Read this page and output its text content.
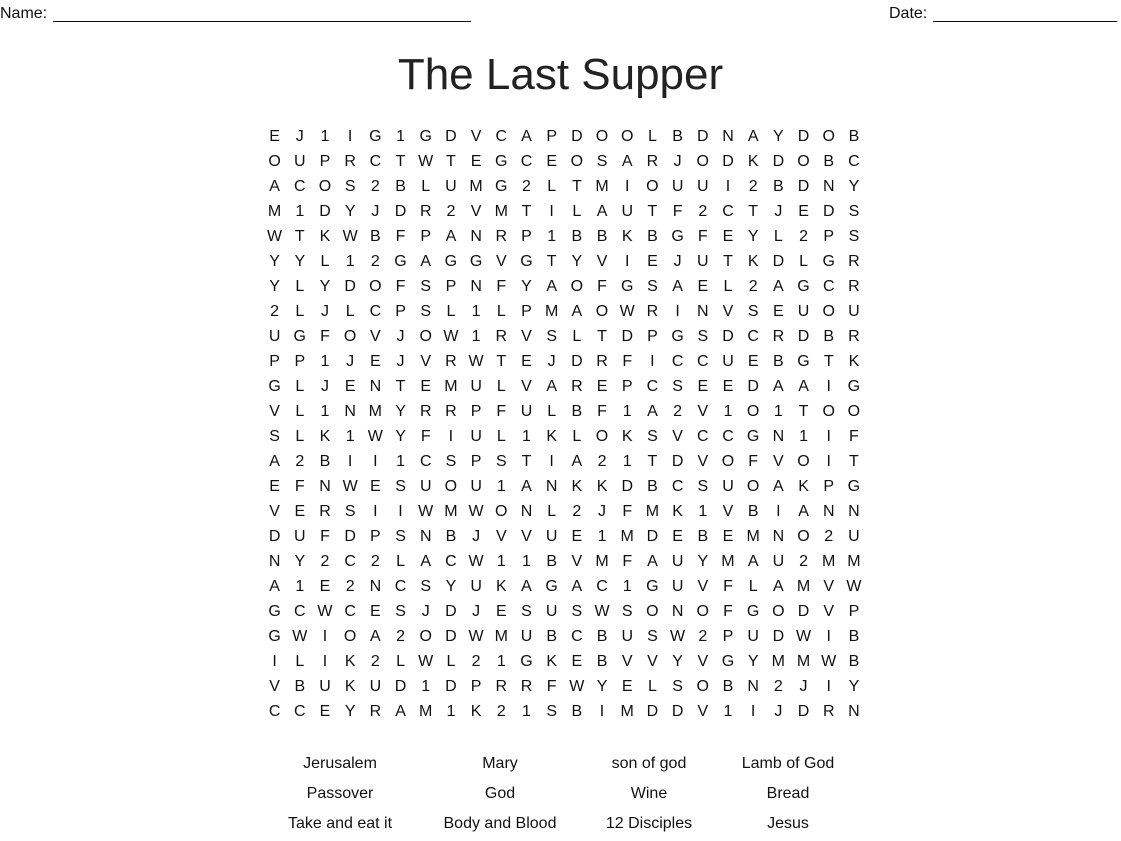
Name:	Date:
The Last Supper
E J	1	I	G 1 G D V C A P D O O L B D N A Y D O B
O U P R C T W T E G C E O S A R J O D K D O B C
A C O S 2 B L U M G 2	L T M	I	O U U	I	2 B D N Y
M 1 D Y J D R 2 V M T	I	L A U T F 2 C T	J E D S
W T K W B F P A N R P 1 B B K B G F E Y L	2 P S
Y Y L	1	2 G A G G V G T Y V	I	E J U T K D L G R
Y L Y D O F S P N F Y A O F G S A E L	2 A G C R
2	L	J	L C P S L	1	L P M A O W R	I	N V S E U O U
U G F O V J O W 1 R V S L T D P G S D C R D B R
P P 1	J E J V R W T E J D R F	I	C C U E B G T K
G L	J E N T E M U L V A R E P C S E E D A A	I	G
V L	1 N M Y R R P F U L B F 1 A 2 V 1 O 1 T O O
S L K 1 W Y F	I	U L	1 K L O K S V C C G N 1	I	F
A 2 B	I	I	1 C S P S T	I	A 2	1 T D V O F V O	I	T
E F N W E S U O U 1 A N K K D B C S U O A K P G
V E R S	I	I W M W O N L	2	J	F M K 1 V B	I	A N N
D U F D P S N B J V V U E 1 M D E B E M N O 2 U
N Y 2 C 2	L A C W 1	1 B V M F A U Y M A U 2 M M
A 1 E 2 N C S Y U K A G A C 1 G U V F L A M V W
G C W C E S J D J E S U S W S O N O F G O D V P
G W I	O A 2 O D W M U B C B U S W 2 P U D W I	B
I	L	I	K 2	L W L	2	1 G K E B V V Y V G Y M M W B
V B U K U D 1 D P R R F W Y E L S O B N 2	J	I	Y
C C E Y R A M 1 K 2	1 S B	I	M D D V 1	I	J D R N
Jerusalem	Mary	son of god	Lamb of God
Passover	God	Wine	Bread
Take and eat it	Body and Blood	12 Disciples	Jesus
